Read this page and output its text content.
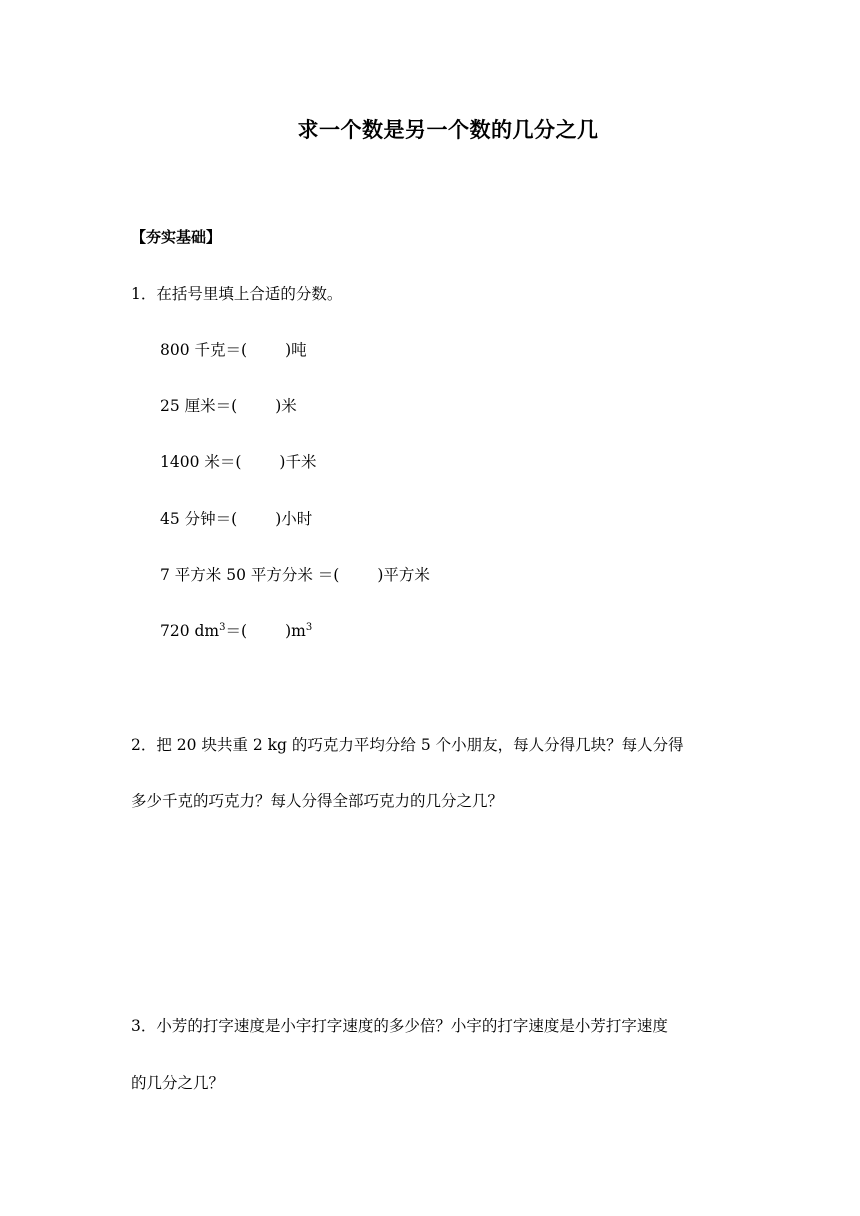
求一个数是另一个数的几分之几
【夯实基础】
1．在括号里填上合适的分数。
800 千克＝( )吨
25 厘米＝( )米
1400 米＝( )千米
45 分钟＝( )小时
7 平方米 50 平方分米 ＝( )平方米
720 $dm^3=$( )$m^3$
2．把 20 块共重 2 kg 的巧克力平均分给 5 个小朋友，每人分得几块？每人分得
多少千克的巧克力？每人分得全部巧克力的几分之几？
3．小芳的打字速度是小宇打字速度的多少倍？小宇的打字速度是小芳打字速度
的几分之几？
